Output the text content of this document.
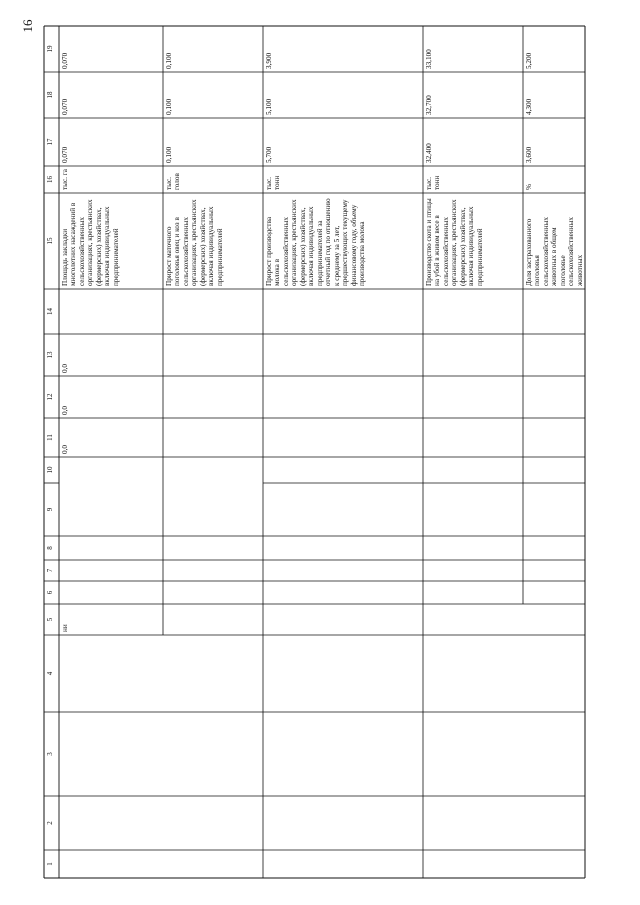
16
19
18
17
16
15
14
13
12
11
10
9
8
7
6
5
4
3
2
1
0,070
0,070
0,070
тыс. га
Площадь закладки многолетних насаждений в сельскохозяйственных организациях, крестьянских (фермерских) хозяйствах, включая индивидуальных предпринимателей
0,0
0,0
0,0
ни
0,100
0,100
0,100
тыс. голов
Прирост маточного поголовья овец и коз в сельскохозяйственных организациях, крестьянских (фермерских) хозяйствах, включая индивидуальных предпринимателей
3,900
5,100
5,700
тыс. тонн
Прирост производства молока в сельскохозяйственных организациях, крестьянских (фермерских) хозяйствах, включая индивидуальных предпринимателей за отчетный год по отношению к среднему за 5 лет, предшествующих текущему финансовому году, объему производства молока
33,100
32,700
32,400
тыс. тонн
Производство скота и птицы на убой в живом весе в сельскохозяйственных организациях, крестьянских (фермерских) хозяйствах, включая индивидуальных предпринимателей
5,200
4,300
3,600
%
Доля застрахованного поголовья сельскохозяйственных животных в общем поголовье сельскохозяйственных животных
